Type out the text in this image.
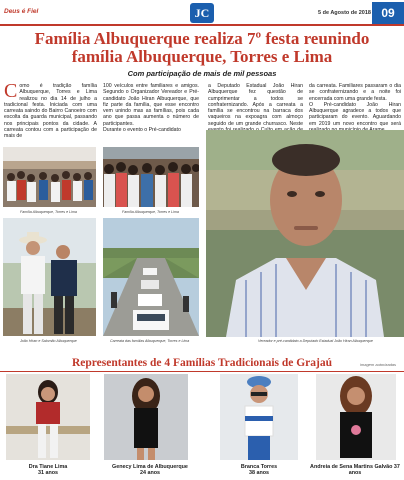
Deus é Fiel	JC	5 de Agosto de 2018 09
Família Albuquerque realiza 7º festa reunindo
família Albuquerque, Torres e Lima
Com participação de mais de mil pessoas
C omo é tradição família Albuquerque, Torres e Lima realizou no dia 14 de julho a tradicional festa. Iniciada com uma carreata saindo do Bairro Canoeiro com escolta da guarda municipal, passando nos principais pontos da cidade. A carreata contou com a participação de mais de
100 veículos entre familiares e amigos. Segundo o Organizador Vereador e Pré-candidato João Hiran Albuquerque, que fiz parte da família, que esse encontro vem unindo mas as famílias, pois cada ano que passa aumenta o número de participantes.
Durante o evento o Pré-candidato
a Deputado Estadual João Hiran Albuquerque fez questão de cumprimentar a todos se confraternizando. Após a carreata a família se encontrou na barraca dos vaqueiros na expoagra com almoço seguido de um grande churrasco. Neste
da carreata. Familiares passaram o dia se confraternizando e a noite foi encerrada com uma grande festa.
O Pré-candidato João Hiran Albuquerque agradece a todos que participaram do evento. Aguardando em 2019 um novo encontro que será
Família Albuquerque, Torres e Lima	Família Albuquerque, Torres e Lima
João Hiran e Salomão Albuquerque	Carreata das famílias Albuquerque, Torres e Lima	Vereador e pré-candidato a Deputado Estadual João Hiran Albuquerque
Representantes de 4 Famílias Tradicionais de Grajaú	imagem autorizadas
Dra Tiane Lima
31 anos
Genecy Lima de Albuquerque
24 anos
Branca Torres
38 anos
Andreia de Sena Martins Galvão 37
anos
